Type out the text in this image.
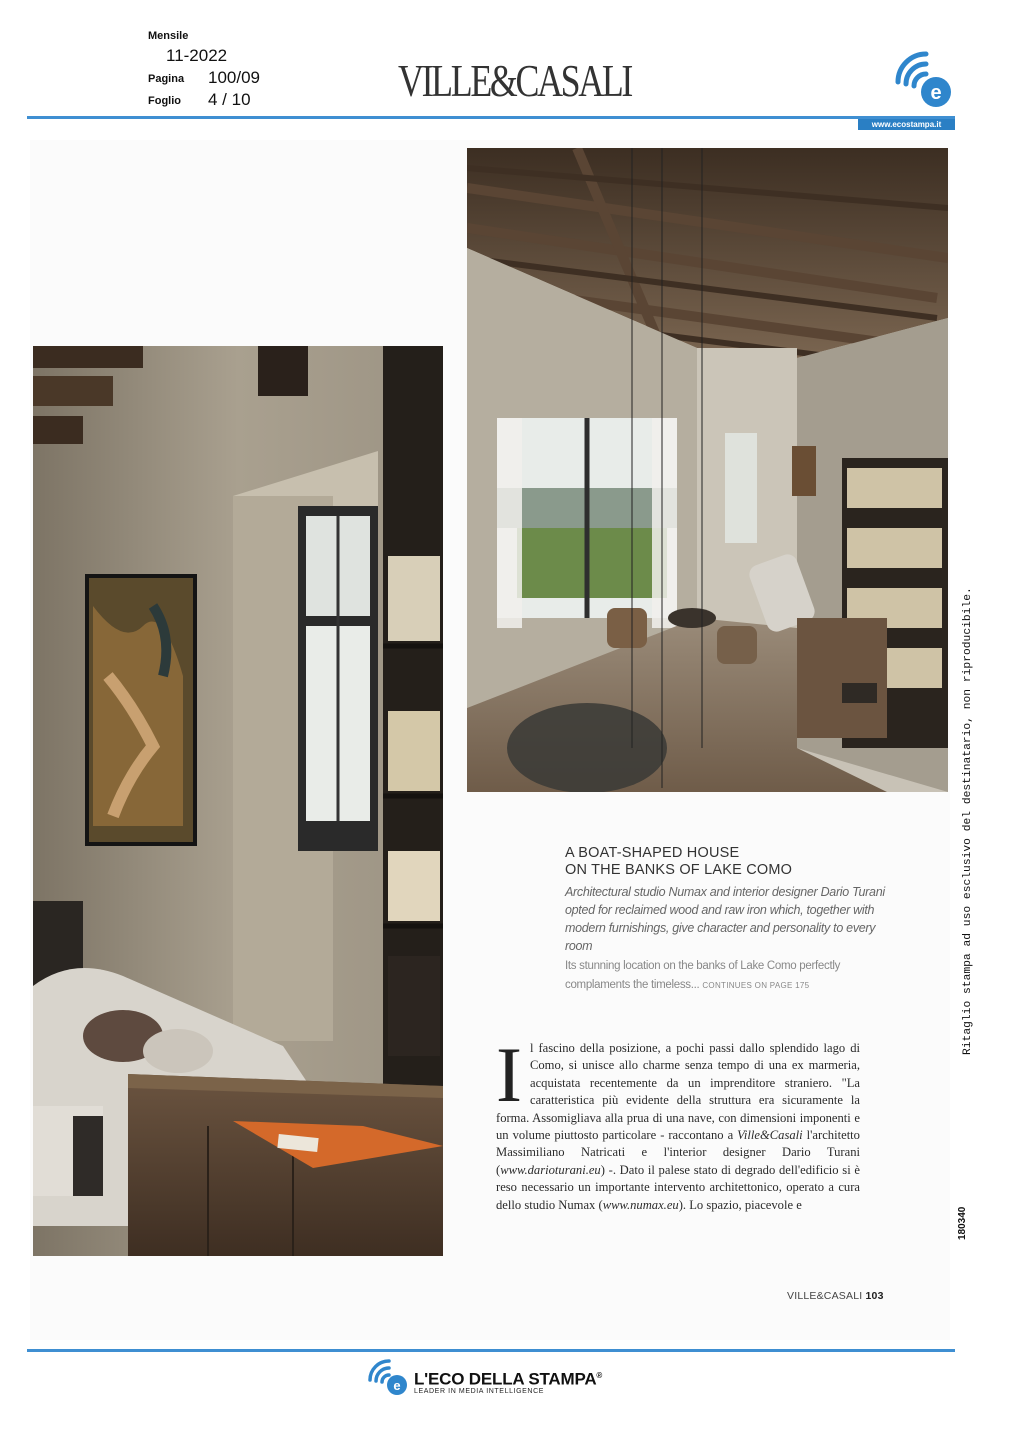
Mensile
11-2022
Pagina 100/09
Foglio 4 / 10	VILLE&CASALI	e
www.ecostampa.it

A BOAT-SHAPED HOUSE
ON THE BANKS OF LAKE COMO

Architectural studio Numax and interior designer Dario Turani opted for reclaimed wood and raw iron which, together with modern furnishings, give character and personality to every room

Its stunning location on the banks of Lake Como perfectly complaments the timeless... CONTINUES ON PAGE 175

Il fascino della posizione, a pochi passi dallo splendido lago di Como, si unisce allo charme senza tempo di una ex marmeria, acquistata recentemente da un imprenditore straniero. "La caratteristica più evidente della struttura era sicuramente la forma. Assomigliava alla prua di una nave, con dimensioni imponenti e un volume piuttosto particolare - raccontano a Ville&Casali l'architetto Massimiliano Natricati e l'interior designer Dario Turani (www.darioturani.eu) -. Dato il palese stato di degrado dell'edificio si è reso necessario un importante intervento architettonico, operato a cura dello studio Numax (www.numax.eu). Lo spazio, piacevole e
VILLE&CASALI 103
Ritaglio stampa ad uso esclusivo del destinatario, non riproducibile.
180340
e L'ECO DELLA STAMPA®
LEADER IN MEDIA INTELLIGENCE
